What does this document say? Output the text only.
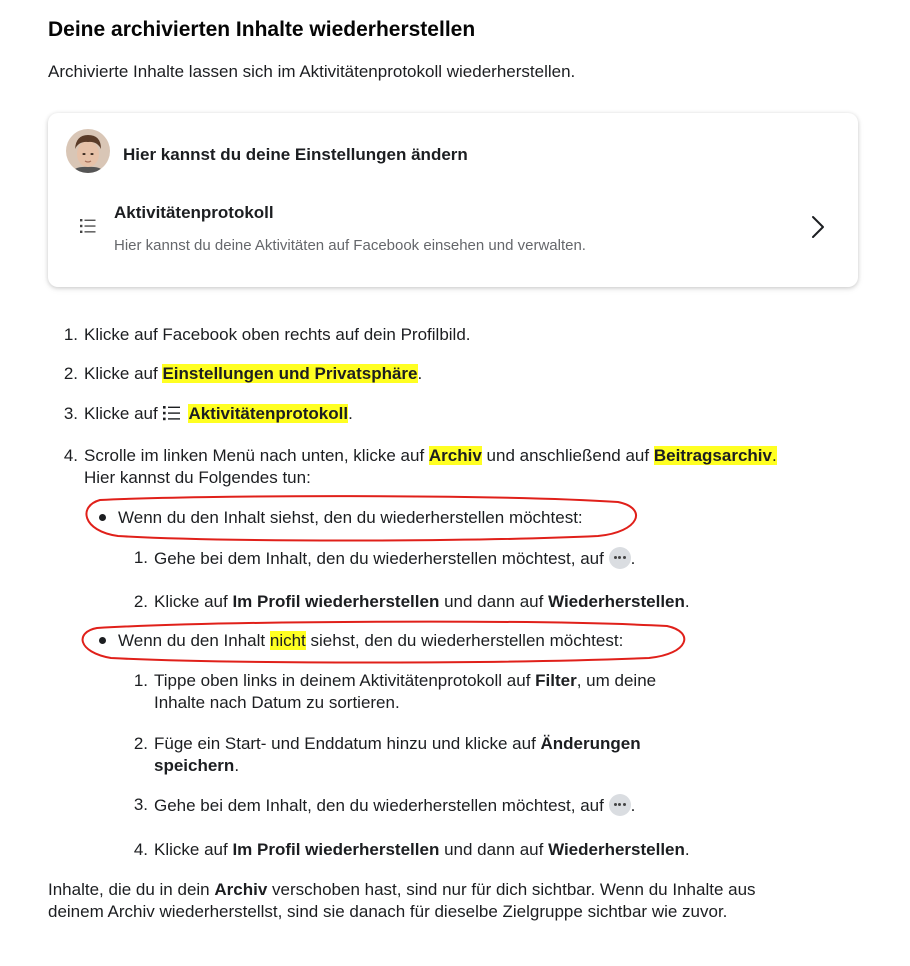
Deine archivierten Inhalte wiederherstellen
Archivierte Inhalte lassen sich im Aktivitätenprotokoll wiederherstellen.
Hier kannst du deine Einstellungen ändern
Aktivitätenprotokoll
Hier kannst du deine Aktivitäten auf Facebook einsehen und verwalten.
1. Klicke auf Facebook oben rechts auf dein Profilbild.
2. Klicke auf Einstellungen und Privatsphäre.
3. Klicke auf Aktivitätenprotokoll.
4. Scrolle im linken Menü nach unten, klicke auf Archiv und anschließend auf Beitragsarchiv.
Hier kannst du Folgendes tun:
Wenn du den Inhalt siehst, den du wiederherstellen möchtest:
1. Gehe bei dem Inhalt, den du wiederherstellen möchtest, auf
.
2. Klicke auf Im Profil wiederherstellen und dann auf Wiederherstellen.
Wenn du den Inhalt nicht siehst, den du wiederherstellen möchtest:
1. Tippe oben links in deinem Aktivitätenprotokoll auf Filter, um deine
Inhalte nach Datum zu sortieren.
2. Füge ein Start- und Enddatum hinzu und klicke auf Änderungen
speichern.
3. Gehe bei dem Inhalt, den du wiederherstellen möchtest, auf
.
4. Klicke auf Im Profil wiederherstellen und dann auf Wiederherstellen.
Inhalte, die du in dein Archiv verschoben hast, sind nur für dich sichtbar. Wenn du Inhalte aus
deinem Archiv wiederherstellst, sind sie danach für dieselbe Zielgruppe sichtbar wie zuvor.
